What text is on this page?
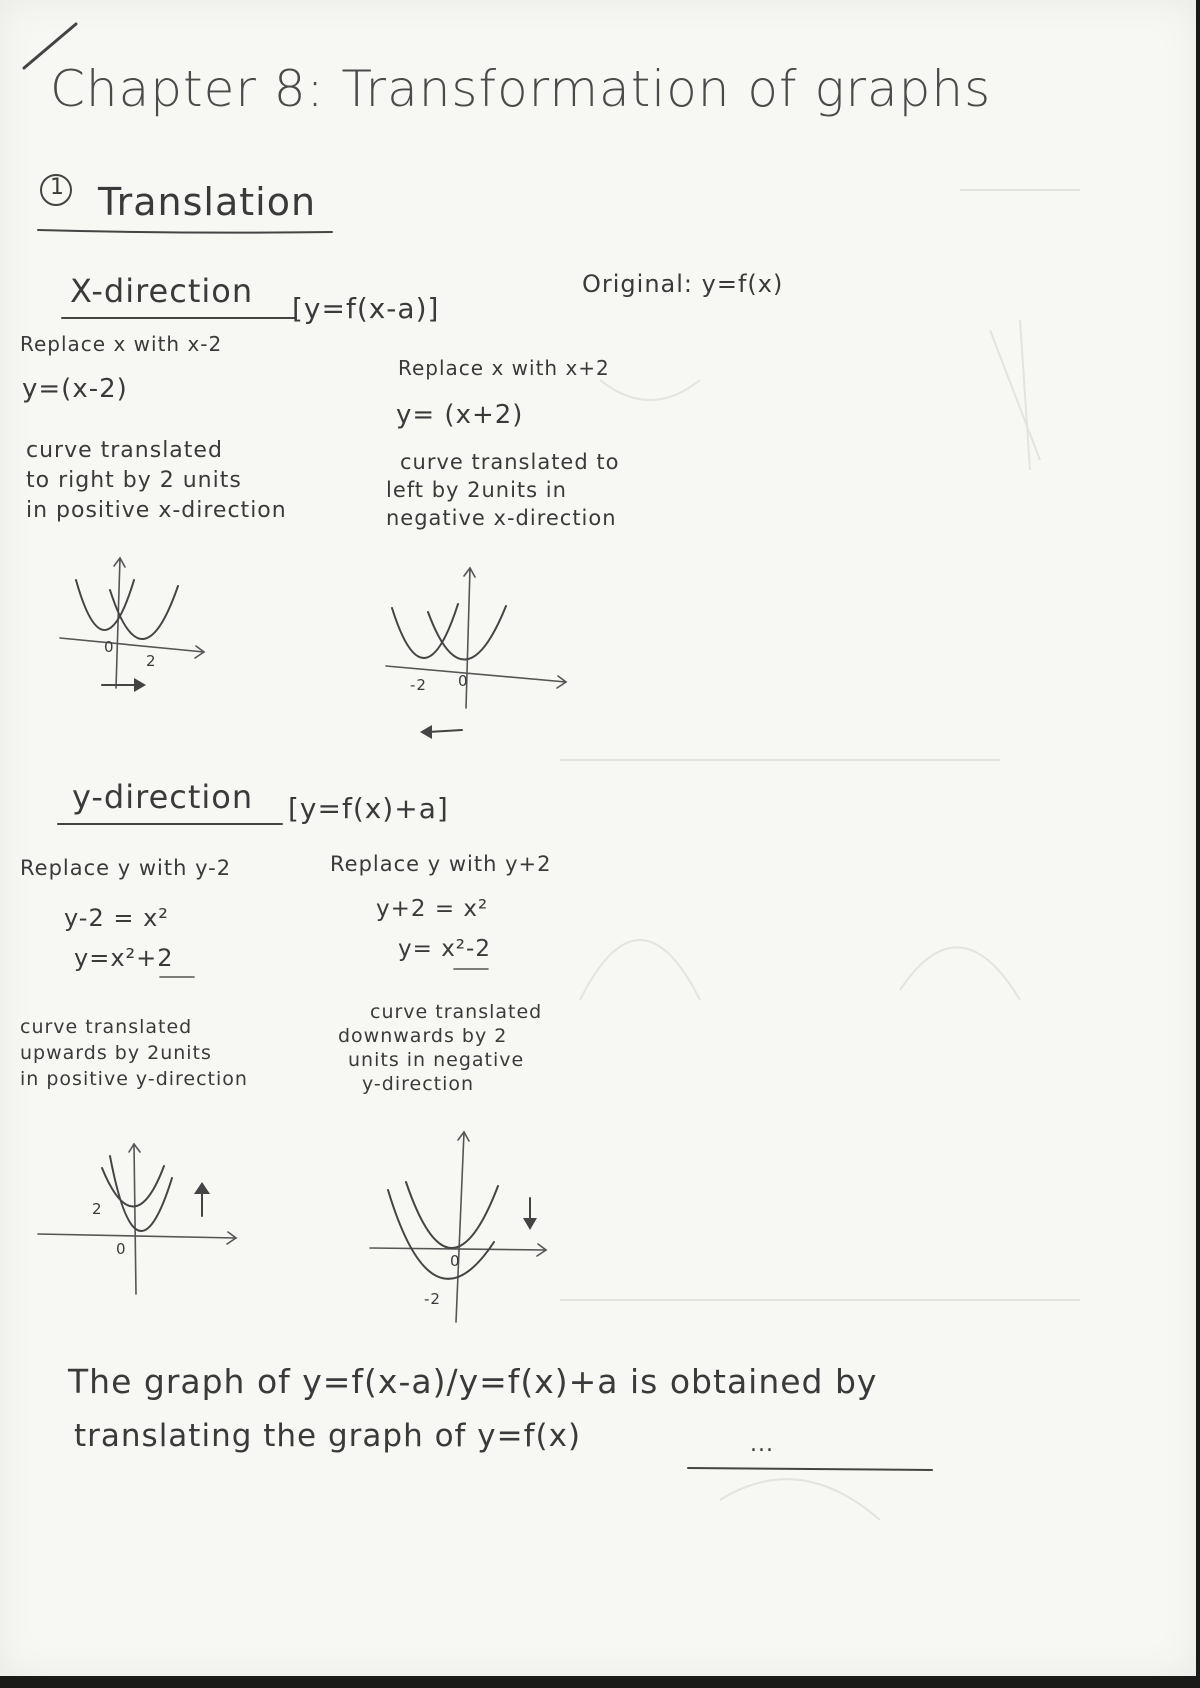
Chapter 8: Transformation of graphs
1 Translation
Original: y=f(x)
X-direction [y=f(x-a)]
Replace x with x-2
y=(x-2)
curve translated
to right by 2 units
in positive x-direction
Replace x with x+2
y= (x+2)
curve translated to
left by 2units in
negative x-direction
0
2
-2 0
y-direction [y=f(x)+a]
Replace y with y-2
y-2 = x²
y=x²+2
curve translated
upwards by 2units
in positive y-direction
Replace y with y+2
y+2 = x²
y= x²-2
curve translated
downwards by 2
units in negative
y-direction
2
0
0
-2
The graph of y=f(x-a)/y=f(x)+a is obtained by
translating the graph of y=f(x)	...
